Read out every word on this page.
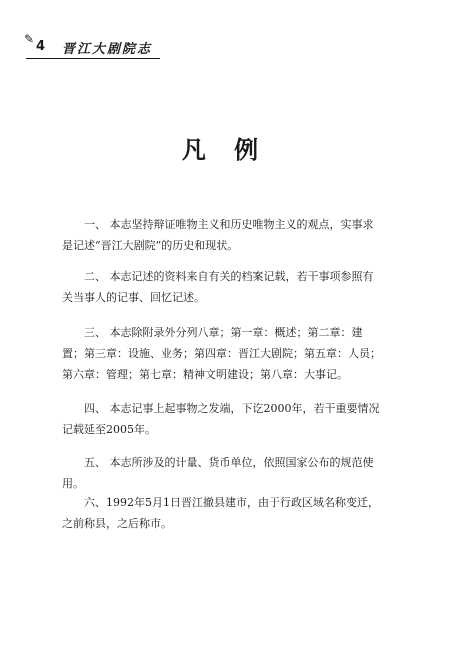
✎ 4 晋江大剧院志
凡 例

一、 本志坚持辩证唯物主义和历史唯物主义的观点，实事求是记述“晋江大剧院”的历史和现状。

二、 本志记述的资料来自有关的档案记载，若干事项参照有关当事人的记事、回忆记述。

三、 本志除附录外分列八章；第一章：概述；第二章：建置；第三章：设施、业务；第四章：晋江大剧院；第五章：人员；第六章：管理；第七章：精神文明建设；第八章：大事记。

四、 本志记事上起事物之发端，下讫2000年，若干重要情况记载延至2005年。

五、 本志所涉及的计量、货币单位，依照国家公布的规范使用。

六、1992年5月1日晋江撤县建市，由于行政区域名称变迁，之前称县，之后称市。
